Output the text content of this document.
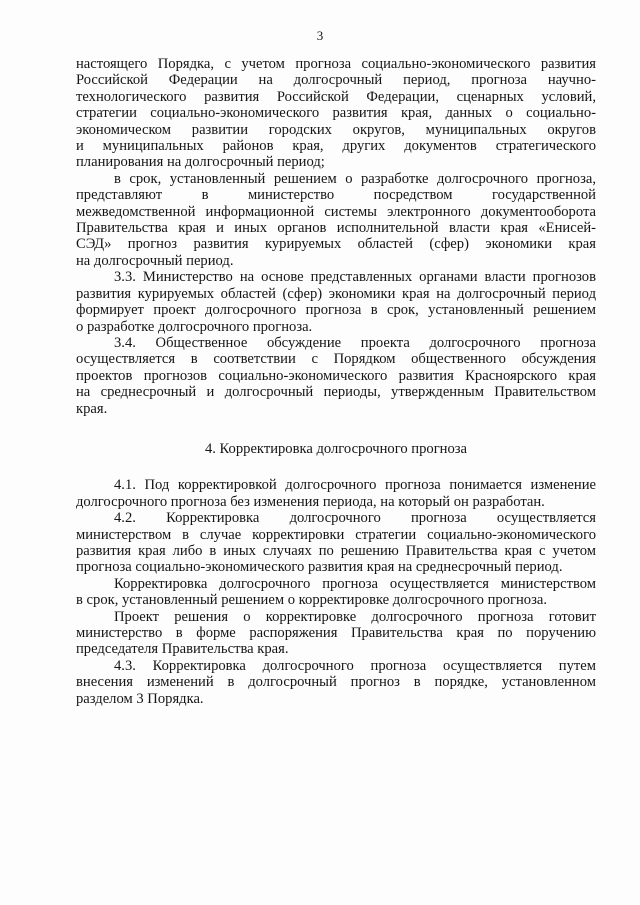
3
настоящего Порядка, с учетом прогноза социально-экономического развития
Российской Федерации на долгосрочный период, прогноза научно-
технологического развития Российской Федерации, сценарных условий,
стратегии социально-экономического развития края, данных о социально-
экономическом развитии городских округов, муниципальных округов
и муниципальных районов края, других документов стратегического
планирования на долгосрочный период;
в срок, установленный решением о разработке долгосрочного прогноза,
представляют в министерство посредством государственной
межведомственной информационной системы электронного документооборота
Правительства края и иных органов исполнительной власти края «Енисей-
СЭД» прогноз развития курируемых областей (сфер) экономики края
на долгосрочный период.
3.3. Министерство на основе представленных органами власти прогнозов
развития курируемых областей (сфер) экономики края на долгосрочный период
формирует проект долгосрочного прогноза в срок, установленный решением
о разработке долгосрочного прогноза.
3.4. Общественное обсуждение проекта долгосрочного прогноза
осуществляется в соответствии с Порядком общественного обсуждения
проектов прогнозов социально-экономического развития Красноярского края
на среднесрочный и долгосрочный периоды, утвержденным Правительством
края.
4. Корректировка долгосрочного прогноза
4.1. Под корректировкой долгосрочного прогноза понимается изменение
долгосрочного прогноза без изменения периода, на который он разработан.
4.2. Корректировка долгосрочного прогноза осуществляется
министерством в случае корректировки стратегии социально-экономического
развития края либо в иных случаях по решению Правительства края с учетом
прогноза социально-экономического развития края на среднесрочный период.
Корректировка долгосрочного прогноза осуществляется министерством
в срок, установленный решением о корректировке долгосрочного прогноза.
Проект решения о корректировке долгосрочного прогноза готовит
министерство в форме распоряжения Правительства края по поручению
председателя Правительства края.
4.3. Корректировка долгосрочного прогноза осуществляется путем
внесения изменений в долгосрочный прогноз в порядке, установленном
разделом 3 Порядка.
